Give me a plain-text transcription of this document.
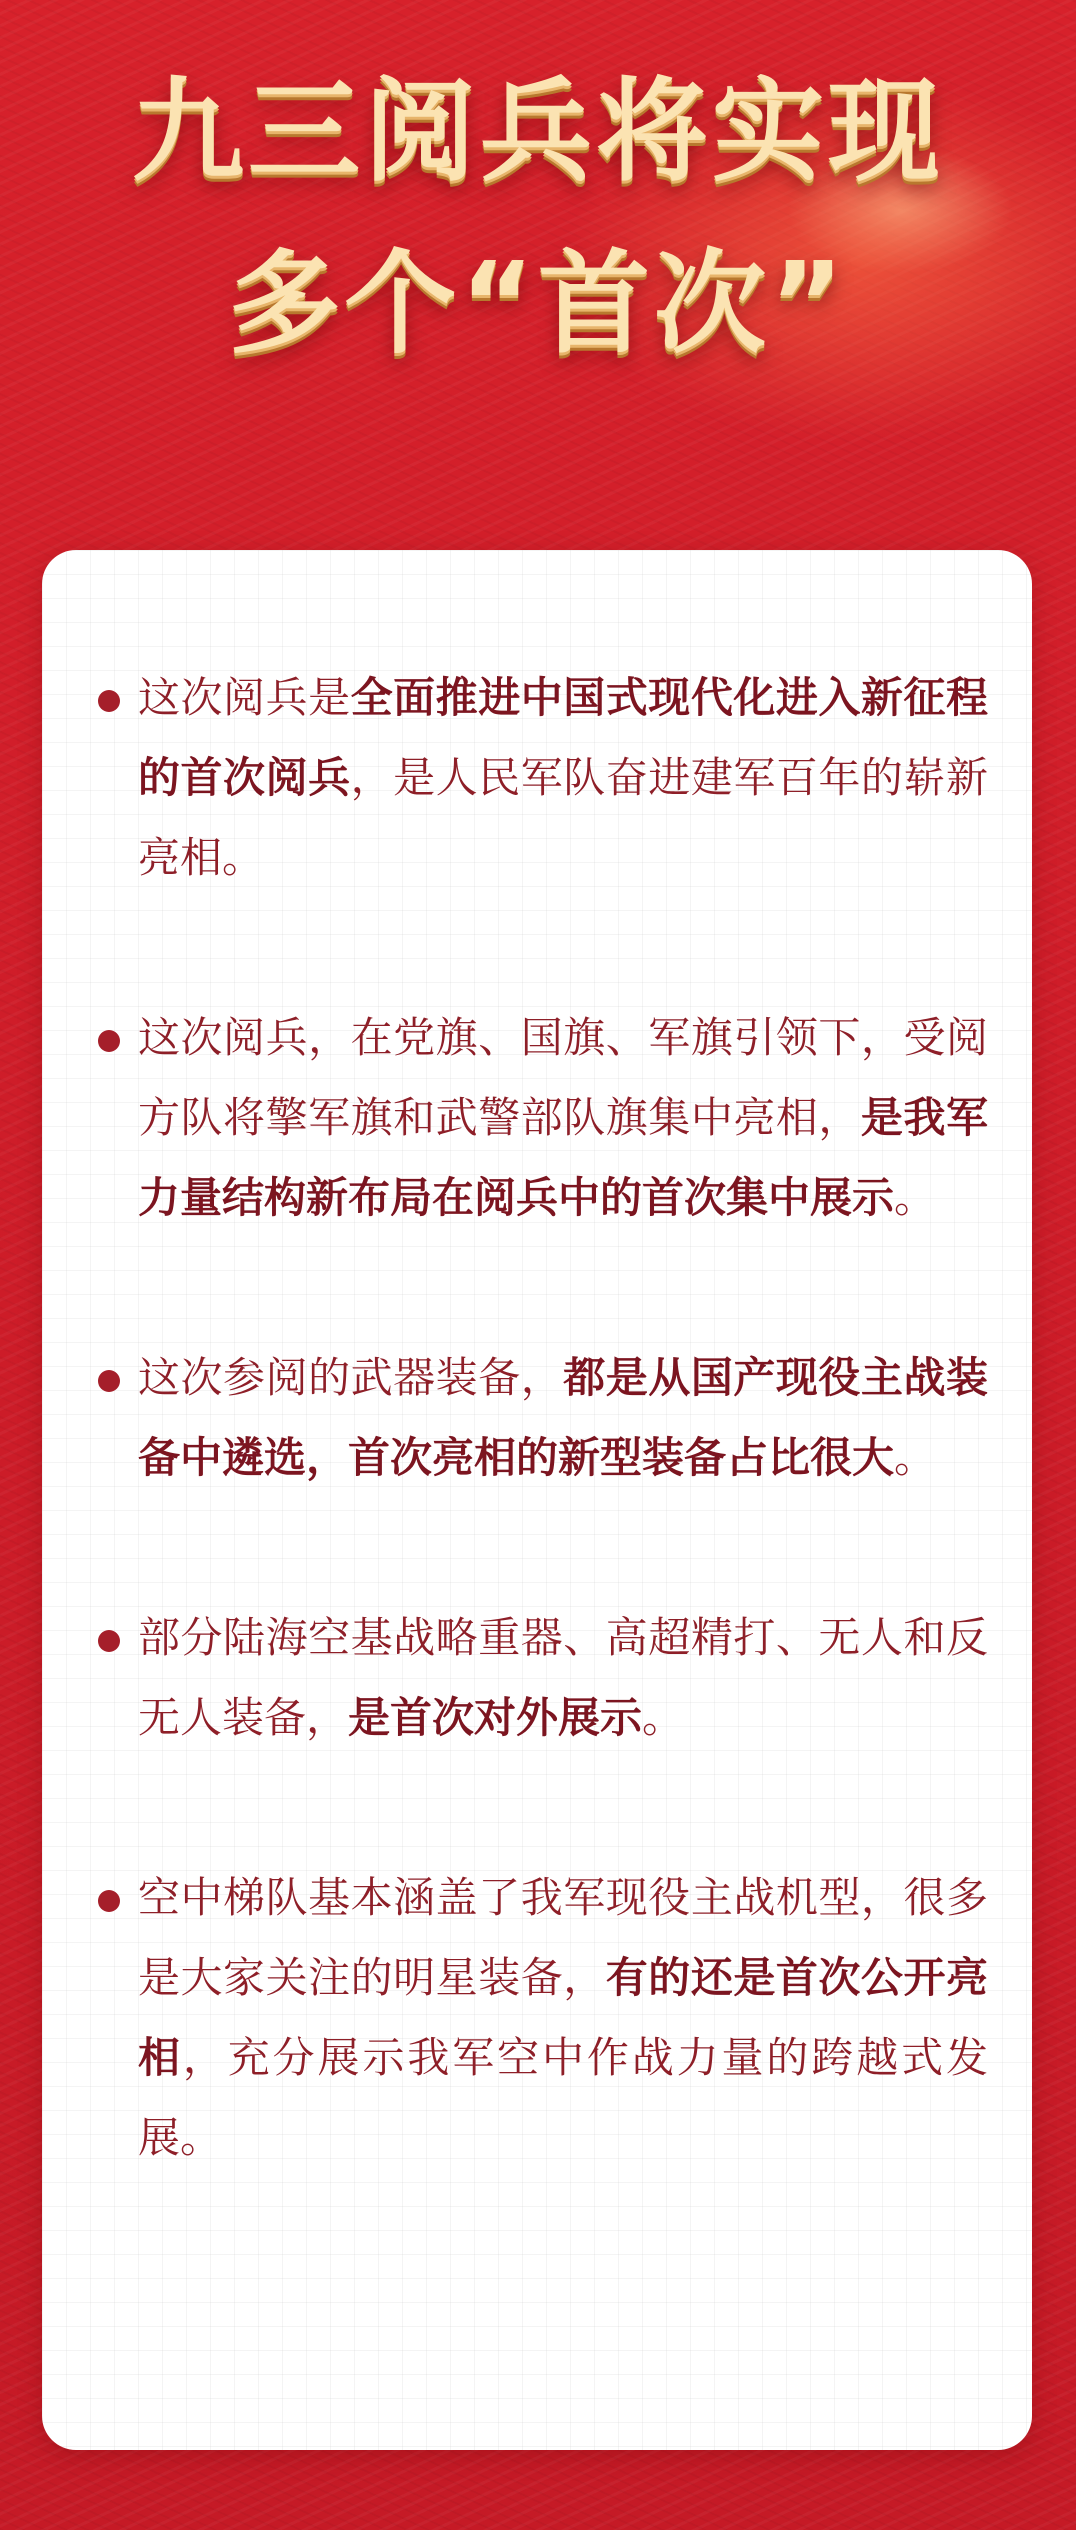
九三阅兵将实现
多个“首次”

这次阅兵是全面推进中国式现代化进入新征程的首次阅兵，是人民军队奋进建军百年的崭新亮相。

这次阅兵，在党旗、国旗、军旗引领下，受阅方队将擎军旗和武警部队旗集中亮相，是我军力量结构新布局在阅兵中的首次集中展示。

这次参阅的武器装备，都是从国产现役主战装备中遴选，首次亮相的新型装备占比很大。

部分陆海空基战略重器、高超精打、无人和反无人装备，是首次对外展示。

空中梯队基本涵盖了我军现役主战机型，很多是大家关注的明星装备，有的还是首次公开亮相，充分展示我军空中作战力量的跨越式发展。
